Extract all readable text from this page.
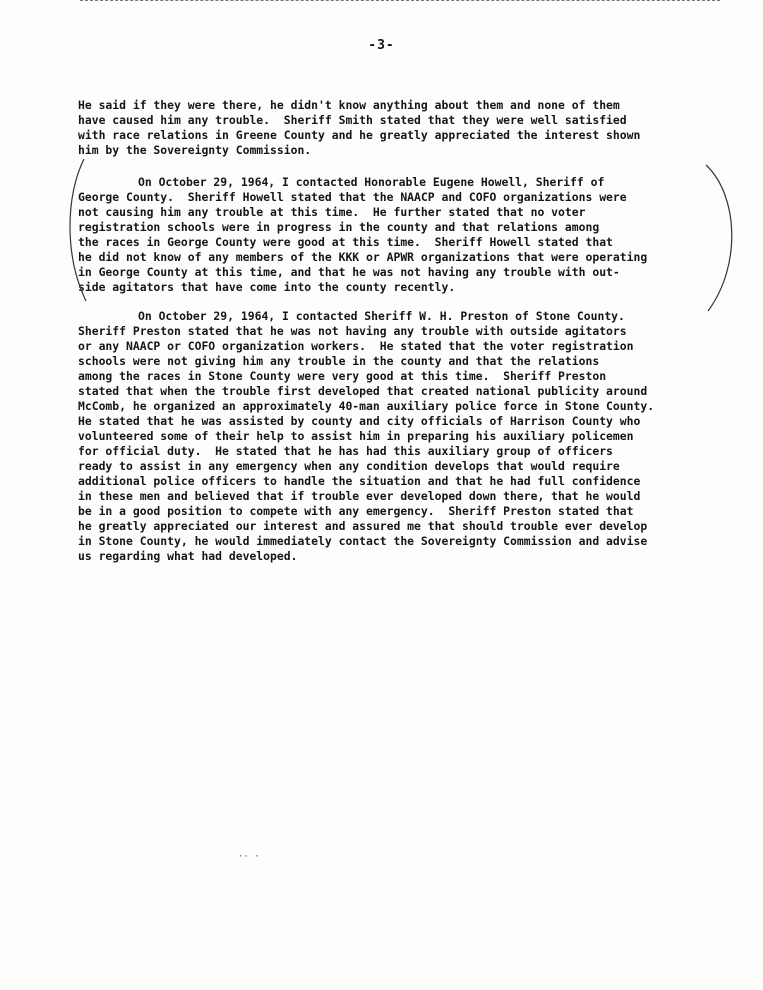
-3-
He said if they were there, he didn't know anything about them and none of them
have caused him any trouble.  Sheriff Smith stated that they were well satisfied
with race relations in Greene County and he greatly appreciated the interest shown
him by the Sovereignty Commission.
On October 29, 1964, I contacted Honorable Eugene Howell, Sheriff of
George County.  Sheriff Howell stated that the NAACP and COFO organizations were
not causing him any trouble at this time.  He further stated that no voter
registration schools were in progress in the county and that relations among
the races in George County were good at this time.  Sheriff Howell stated that
he did not know of any members of the KKK or APWR organizations that were operating
in George County at this time, and that he was not having any trouble with out-
side agitators that have come into the county recently.
On October 29, 1964, I contacted Sheriff W. H. Preston of Stone County.
Sheriff Preston stated that he was not having any trouble with outside agitators
or any NAACP or COFO organization workers.  He stated that the voter registration
schools were not giving him any trouble in the county and that the relations
among the races in Stone County were very good at this time.  Sheriff Preston
stated that when the trouble first developed that created national publicity around
McComb, he organized an approximately 40-man auxiliary police force in Stone County.
He stated that he was assisted by county and city officials of Harrison County who
volunteered some of their help to assist him in preparing his auxiliary policemen
for official duty.  He stated that he has had this auxiliary group of officers
ready to assist in any emergency when any condition develops that would require
additional police officers to handle the situation and that he had full confidence
in these men and believed that if trouble ever developed down there, that he would
be in a good position to compete with any emergency.  Sheriff Preston stated that
he greatly appreciated our interest and assured me that should trouble ever develop
in Stone County, he would immediately contact the Sovereignty Commission and advise
us regarding what had developed.
·· ·
